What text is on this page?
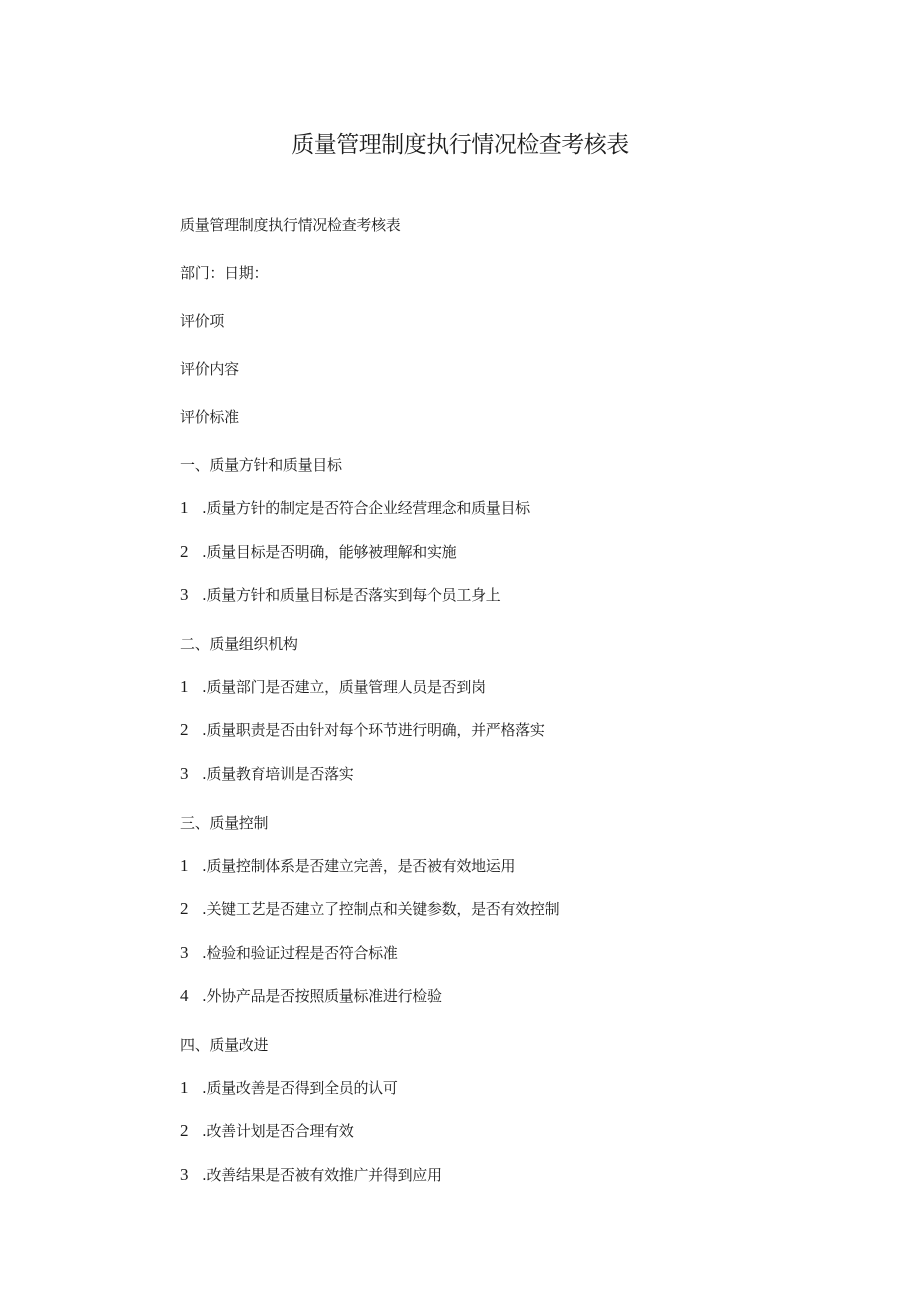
质量管理制度执行情况检查考核表

质量管理制度执行情况检查考核表

部门：日期：

评价项

评价内容

评价标准

一、质量方针和质量目标

1 .质量方针的制定是否符合企业经营理念和质量目标

2 .质量目标是否明确，能够被理解和实施

3 .质量方针和质量目标是否落实到每个员工身上

二、质量组织机构

1 .质量部门是否建立，质量管理人员是否到岗

2 .质量职责是否由针对每个环节进行明确，并严格落实

3 .质量教育培训是否落实

三、质量控制

1 .质量控制体系是否建立完善，是否被有效地运用

2 .关键工艺是否建立了控制点和关键参数，是否有效控制

3 .检验和验证过程是否符合标准

4 .外协产品是否按照质量标准进行检验

四、质量改进

1 .质量改善是否得到全员的认可

2 .改善计划是否合理有效

3 .改善结果是否被有效推广并得到应用
